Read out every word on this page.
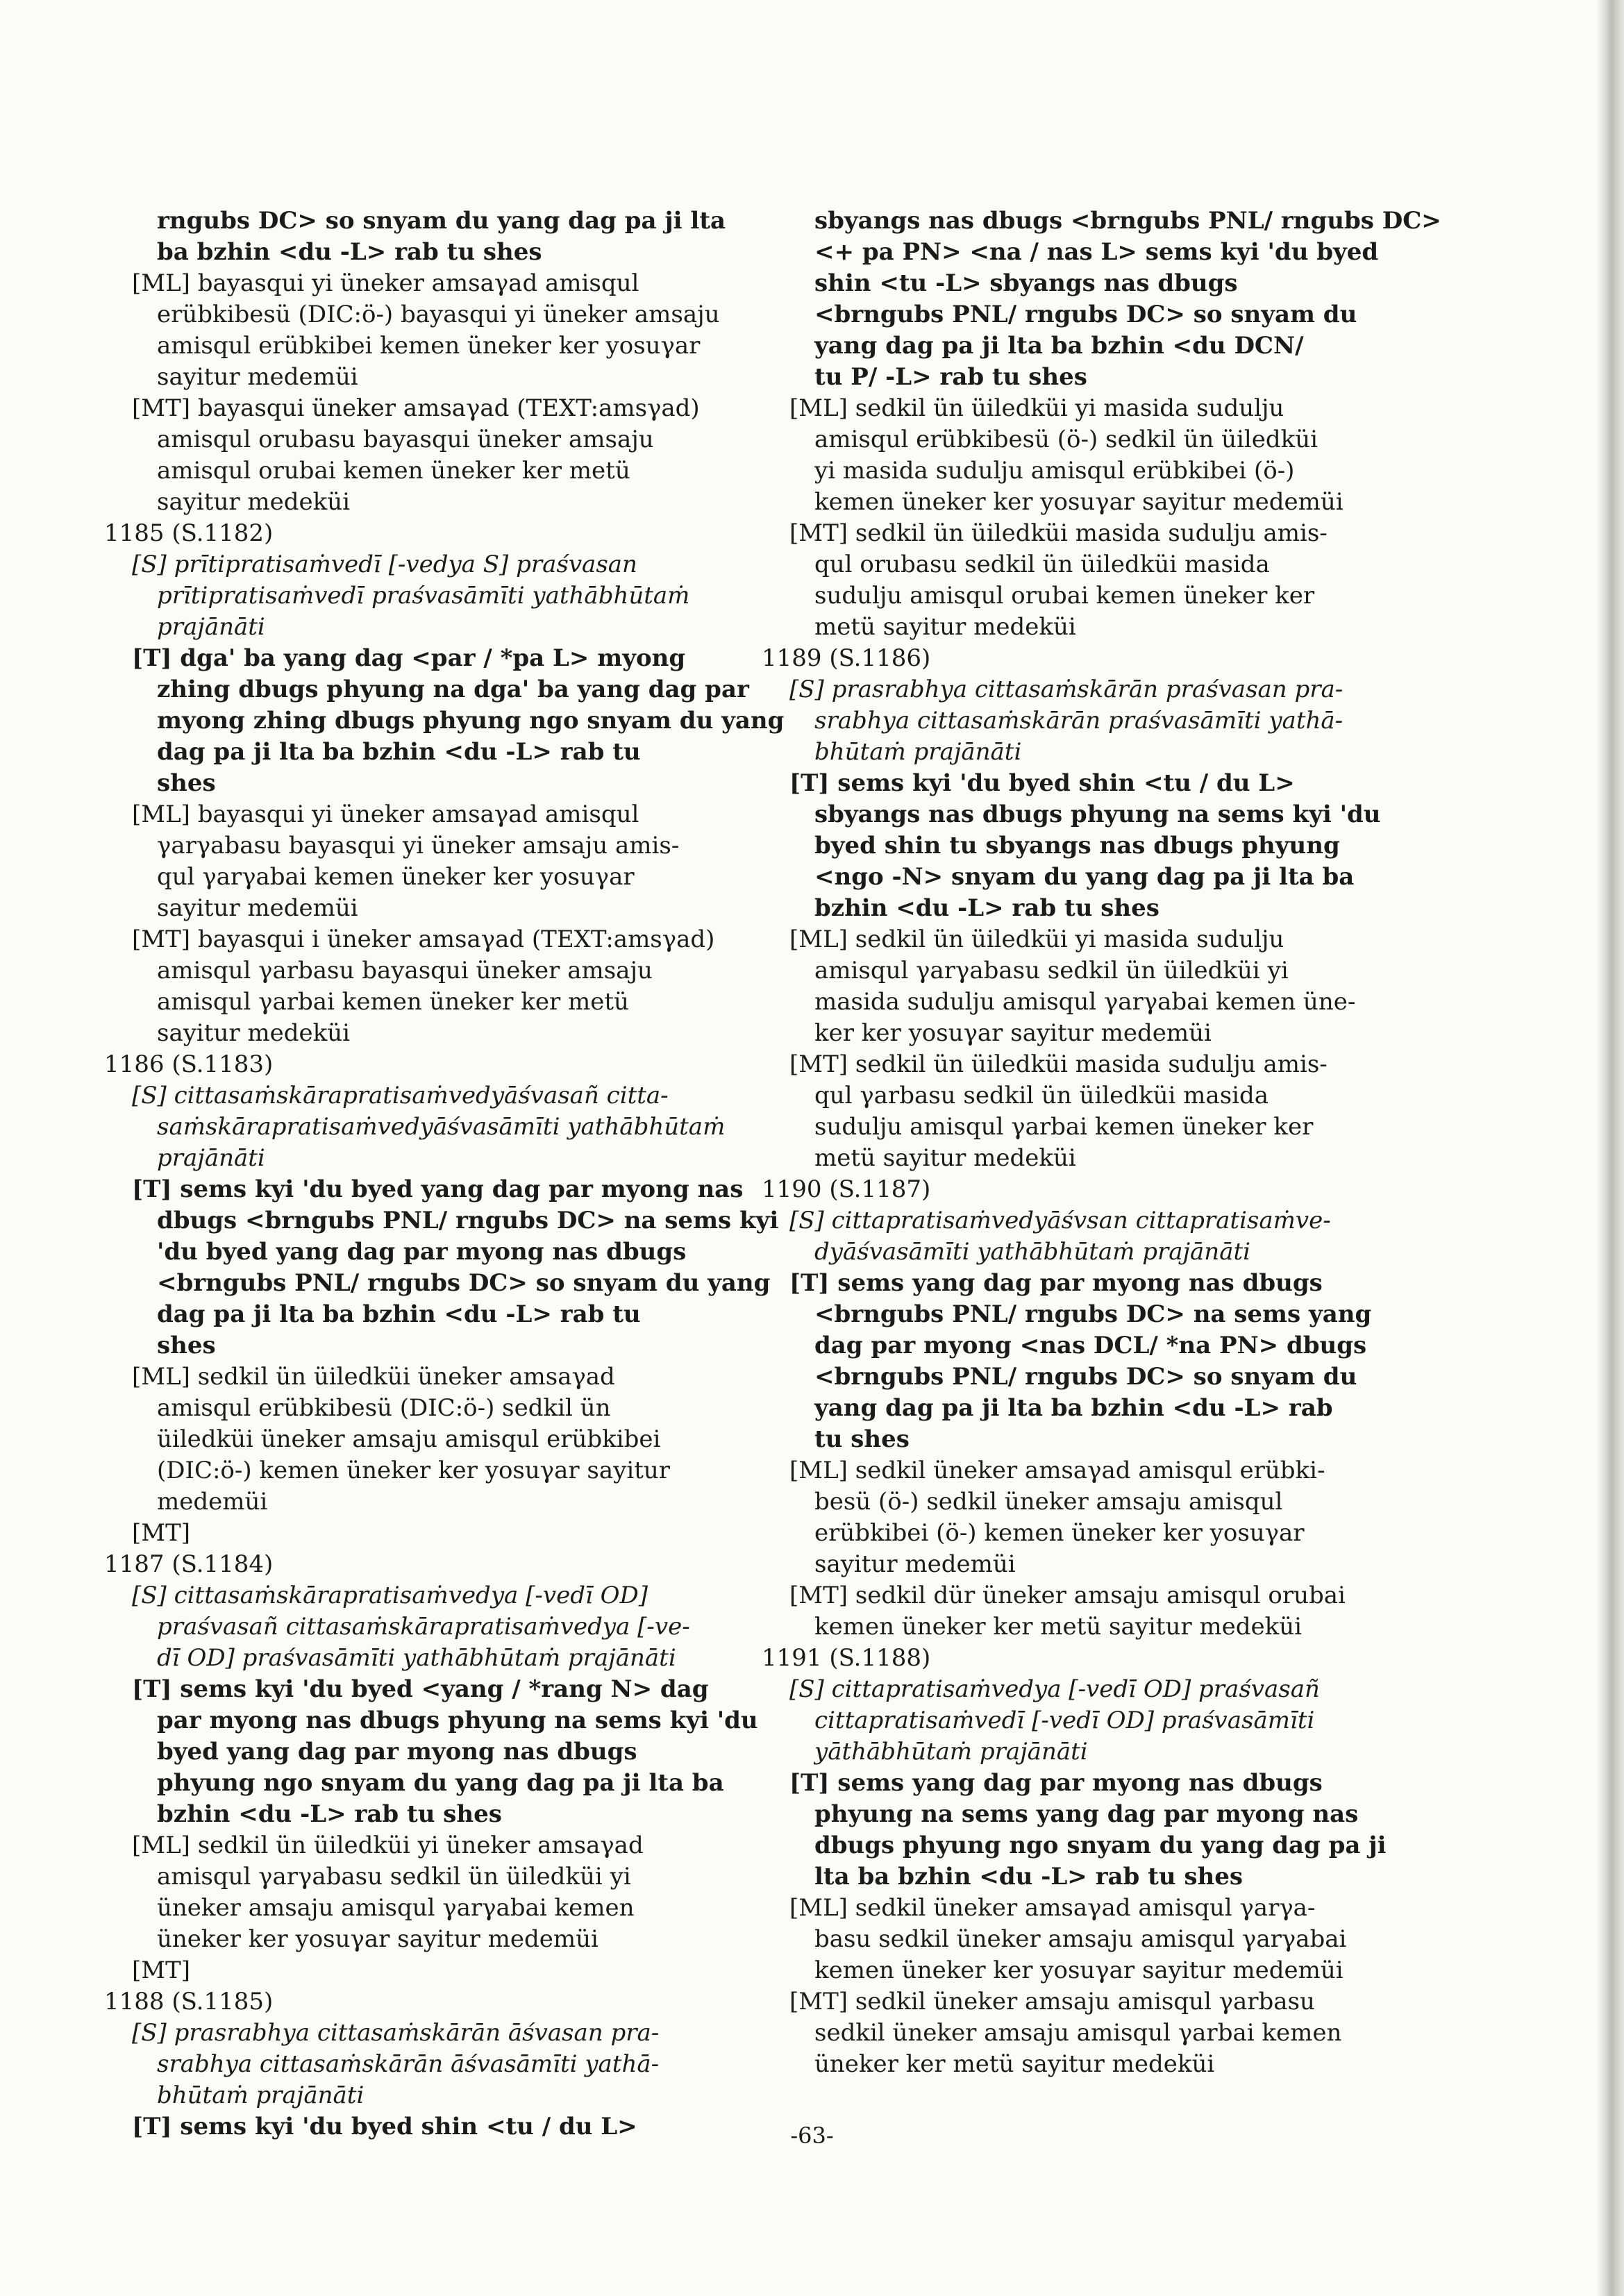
rngubs DC> so snyam du yang dag pa ji lta
ba bzhin <du -L> rab tu shes
[ML] bayasqui yi üneker amsaγad amisqul
erübkibesü (DIC:ö-) bayasqui yi üneker amsaju
amisqul erübkibei kemen üneker ker yosuγar
sayitur medemüi
[MT] bayasqui üneker amsaγad (TEXT:amsγad)
amisqul orubasu bayasqui üneker amsaju
amisqul orubai kemen üneker ker metü
sayitur medeküi
1185 (S.1182)
[S] prītipratisaṁvedī [-vedya S] praśvasan
prītipratisaṁvedī praśvasāmīti yathābhūtaṁ
prajānāti
[T] dga' ba yang dag <par / *pa L> myong
zhing dbugs phyung na dga' ba yang dag par
myong zhing dbugs phyung ngo snyam du yang
dag pa ji lta ba bzhin <du -L> rab tu
shes
[ML] bayasqui yi üneker amsaγad amisqul
γarγabasu bayasqui yi üneker amsaju amis-
qul γarγabai kemen üneker ker yosuγar
sayitur medemüi
[MT] bayasqui i üneker amsaγad (TEXT:amsγad)
amisqul γarbasu bayasqui üneker amsaju
amisqul γarbai kemen üneker ker metü
sayitur medeküi
1186 (S.1183)
[S] cittasaṁskārapratisaṁvedyāśvasañ citta-
saṁskārapratisaṁvedyāśvasāmīti yathābhūtaṁ
prajānāti
[T] sems kyi 'du byed yang dag par myong nas
dbugs <brngubs PNL/ rngubs DC> na sems kyi
'du byed yang dag par myong nas dbugs
<brngubs PNL/ rngubs DC> so snyam du yang
dag pa ji lta ba bzhin <du -L> rab tu
shes
[ML] sedkil ün üiledküi üneker amsaγad
amisqul erübkibesü (DIC:ö-) sedkil ün
üiledküi üneker amsaju amisqul erübkibei
(DIC:ö-) kemen üneker ker yosuγar sayitur
medemüi
[MT]
1187 (S.1184)
[S] cittasaṁskārapratisaṁvedya [-vedī OD]
praśvasañ cittasaṁskārapratisaṁvedya [-ve-
dī OD] praśvasāmīti yathābhūtaṁ prajānāti
[T] sems kyi 'du byed <yang / *rang N> dag
par myong nas dbugs phyung na sems kyi 'du
byed yang dag par myong nas dbugs
phyung ngo snyam du yang dag pa ji lta ba
bzhin <du -L> rab tu shes
[ML] sedkil ün üiledküi yi üneker amsaγad
amisqul γarγabasu sedkil ün üiledküi yi
üneker amsaju amisqul γarγabai kemen
üneker ker yosuγar sayitur medemüi
[MT]
1188 (S.1185)
[S] prasrabhya cittasaṁskārān āśvasan pra-
srabhya cittasaṁskārān āśvasāmīti yathā-
bhūtaṁ prajānāti
[T] sems kyi 'du byed shin <tu / du L>
sbyangs nas dbugs <brngubs PNL/ rngubs DC>
<+ pa PN> <na / nas L> sems kyi 'du byed
shin <tu -L> sbyangs nas dbugs
<brngubs PNL/ rngubs DC> so snyam du
yang dag pa ji lta ba bzhin <du DCN/
tu P/ -L> rab tu shes
[ML] sedkil ün üiledküi yi masida sudulju
amisqul erübkibesü (ö-) sedkil ün üiledküi
yi masida sudulju amisqul erübkibei (ö-)
kemen üneker ker yosuγar sayitur medemüi
[MT] sedkil ün üiledküi masida sudulju amis-
qul orubasu sedkil ün üiledküi masida
sudulju amisqul orubai kemen üneker ker
metü sayitur medeküi
1189 (S.1186)
[S] prasrabhya cittasaṁskārān praśvasan pra-
srabhya cittasaṁskārān praśvasāmīti yathā-
bhūtaṁ prajānāti
[T] sems kyi 'du byed shin <tu / du L>
sbyangs nas dbugs phyung na sems kyi 'du
byed shin tu sbyangs nas dbugs phyung
<ngo -N> snyam du yang dag pa ji lta ba
bzhin <du -L> rab tu shes
[ML] sedkil ün üiledküi yi masida sudulju
amisqul γarγabasu sedkil ün üiledküi yi
masida sudulju amisqul γarγabai kemen üne-
ker ker yosuγar sayitur medemüi
[MT] sedkil ün üiledküi masida sudulju amis-
qul γarbasu sedkil ün üiledküi masida
sudulju amisqul γarbai kemen üneker ker
metü sayitur medeküi
1190 (S.1187)
[S] cittapratisaṁvedyāśvsan cittapratisaṁve-
dyāśvasāmīti yathābhūtaṁ prajānāti
[T] sems yang dag par myong nas dbugs
<brngubs PNL/ rngubs DC> na sems yang
dag par myong <nas DCL/ *na PN> dbugs
<brngubs PNL/ rngubs DC> so snyam du
yang dag pa ji lta ba bzhin <du -L> rab
tu shes
[ML] sedkil üneker amsaγad amisqul erübki-
besü (ö-) sedkil üneker amsaju amisqul
erübkibei (ö-) kemen üneker ker yosuγar
sayitur medemüi
[MT] sedkil dür üneker amsaju amisqul orubai
kemen üneker ker metü sayitur medeküi
1191 (S.1188)
[S] cittapratisaṁvedya [-vedī OD] praśvasañ
cittapratisaṁvedī [-vedī OD] praśvasāmīti
yāthābhūtaṁ prajānāti
[T] sems yang dag par myong nas dbugs
phyung na sems yang dag par myong nas
dbugs phyung ngo snyam du yang dag pa ji
lta ba bzhin <du -L> rab tu shes
[ML] sedkil üneker amsaγad amisqul γarγa-
basu sedkil üneker amsaju amisqul γarγabai
kemen üneker ker yosuγar sayitur medemüi
[MT] sedkil üneker amsaju amisqul γarbasu
sedkil üneker amsaju amisqul γarbai kemen
üneker ker metü sayitur medeküi
-63-
